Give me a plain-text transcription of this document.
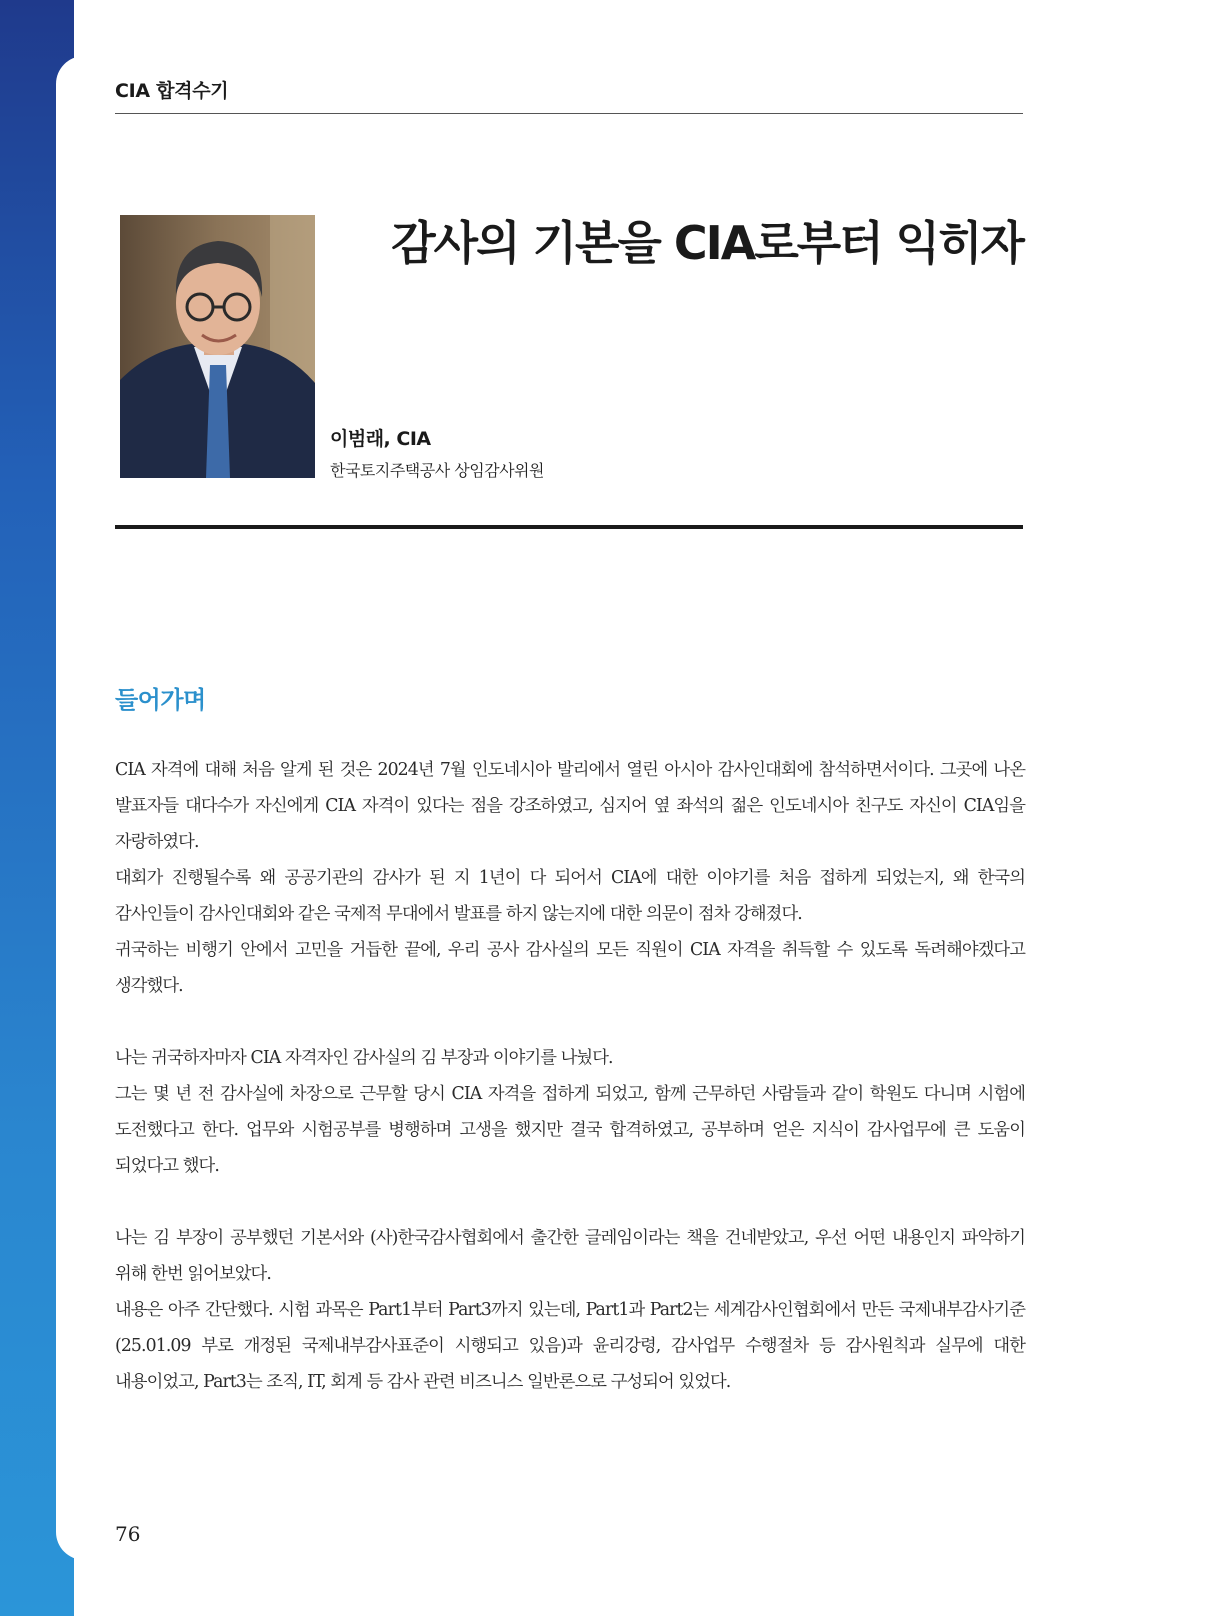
CIA 합격수기
감사의 기본을 CIA로부터 익히자
이범래, CIA
한국토지주택공사 상임감사위원
들어가며

CIA 자격에 대해 처음 알게 된 것은 2024년 7월 인도네시아 발리에서 열린 아시아 감사인대회에 참석하면서이다. 그곳에 나온 발표자들 대다수가 자신에게 CIA 자격이 있다는 점을 강조하였고, 심지어 옆 좌석의 젊은 인도네시아 친구도 자신이 CIA임을 자랑하였다.

대회가 진행될수록 왜 공공기관의 감사가 된 지 1년이 다 되어서 CIA에 대한 이야기를 처음 접하게 되었는지, 왜 한국의 감사인들이 감사인대회와 같은 국제적 무대에서 발표를 하지 않는지에 대한 의문이 점차 강해졌다.

귀국하는 비행기 안에서 고민을 거듭한 끝에, 우리 공사 감사실의 모든 직원이 CIA 자격을 취득할 수 있도록 독려해야겠다고 생각했다.

나는 귀국하자마자 CIA 자격자인 감사실의 김 부장과 이야기를 나눴다.

그는 몇 년 전 감사실에 차장으로 근무할 당시 CIA 자격을 접하게 되었고, 함께 근무하던 사람들과 같이 학원도 다니며 시험에 도전했다고 한다. 업무와 시험공부를 병행하며 고생을 했지만 결국 합격하였고, 공부하며 얻은 지식이 감사업무에 큰 도움이 되었다고 했다.

나는 김 부장이 공부했던 기본서와 (사)한국감사협회에서 출간한 글레임이라는 책을 건네받았고, 우선 어떤 내용인지 파악하기 위해 한번 읽어보았다.

내용은 아주 간단했다. 시험 과목은 Part1부터 Part3까지 있는데, Part1과 Part2는 세계감사인협회에서 만든 국제내부감사기준(25.01.09 부로 개정된 국제내부감사표준이 시행되고 있음)과 윤리강령, 감사업무 수행절차 등 감사원칙과 실무에 대한 내용이었고, Part3는 조직, IT, 회계 등 감사 관련 비즈니스 일반론으로 구성되어 있었다.

76
